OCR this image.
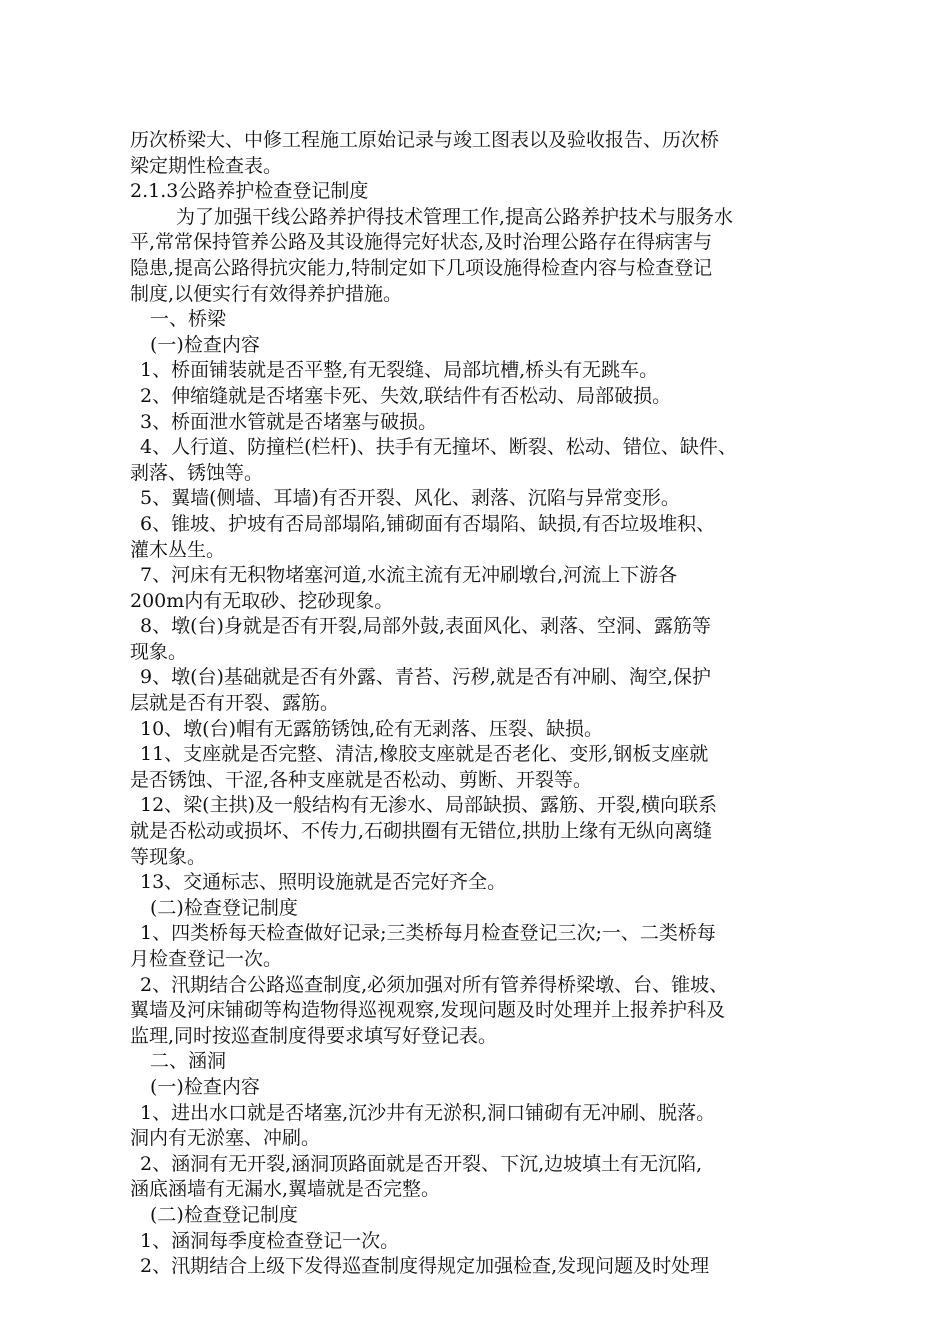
历次桥梁大、中修工程施工原始记录与竣工图表以及验收报告、历次桥
梁定期性检查表。
2.1.3公路养护检查登记制度
为了加强干线公路养护得技术管理工作,提高公路养护技术与服务水
平,常常保持管养公路及其设施得完好状态,及时治理公路存在得病害与
隐患,提高公路得抗灾能力,特制定如下几项设施得检查内容与检查登记
制度,以便实行有效得养护措施。
一、桥梁
(一)检查内容
1、桥面铺装就是否平整,有无裂缝、局部坑槽,桥头有无跳车。
2、伸缩缝就是否堵塞卡死、失效,联结件有否松动、局部破损。
3、桥面泄水管就是否堵塞与破损。
4、人行道、防撞栏(栏杆)、扶手有无撞坏、断裂、松动、错位、缺件、
剥落、锈蚀等。
5、翼墙(侧墙、耳墙)有否开裂、风化、剥落、沉陷与异常变形。
6、锥坡、护坡有否局部塌陷,铺砌面有否塌陷、缺损,有否垃圾堆积、
灌木丛生。
7、河床有无积物堵塞河道,水流主流有无冲刷墩台,河流上下游各
200m内有无取砂、挖砂现象。
8、墩(台)身就是否有开裂,局部外鼓,表面风化、剥落、空洞、露筋等
现象。
9、墩(台)基础就是否有外露、青苔、污秽,就是否有冲刷、淘空,保护
层就是否有开裂、露筋。
10、墩(台)帽有无露筋锈蚀,砼有无剥落、压裂、缺损。
11、支座就是否完整、清洁,橡胶支座就是否老化、变形,钢板支座就
是否锈蚀、干涩,各种支座就是否松动、剪断、开裂等。
12、梁(主拱)及一般结构有无渗水、局部缺损、露筋、开裂,横向联系
就是否松动或损坏、不传力,石砌拱圈有无错位,拱肋上缘有无纵向离缝
等现象。
13、交通标志、照明设施就是否完好齐全。
(二)检查登记制度
1、四类桥每天检查做好记录;三类桥每月检查登记三次;一、二类桥每
月检查登记一次。
2、汛期结合公路巡查制度,必须加强对所有管养得桥梁墩、台、锥坡、
翼墙及河床铺砌等构造物得巡视观察,发现问题及时处理并上报养护科及
监理,同时按巡查制度得要求填写好登记表。
二、涵洞
(一)检查内容
1、进出水口就是否堵塞,沉沙井有无淤积,洞口铺砌有无冲刷、脱落。
洞内有无淤塞、冲刷。
2、涵洞有无开裂,涵洞顶路面就是否开裂、下沉,边坡填土有无沉陷,
涵底涵墙有无漏水,翼墙就是否完整。
(二)检查登记制度
1、涵洞每季度检查登记一次。
2、汛期结合上级下发得巡查制度得规定加强检查,发现问题及时处理
